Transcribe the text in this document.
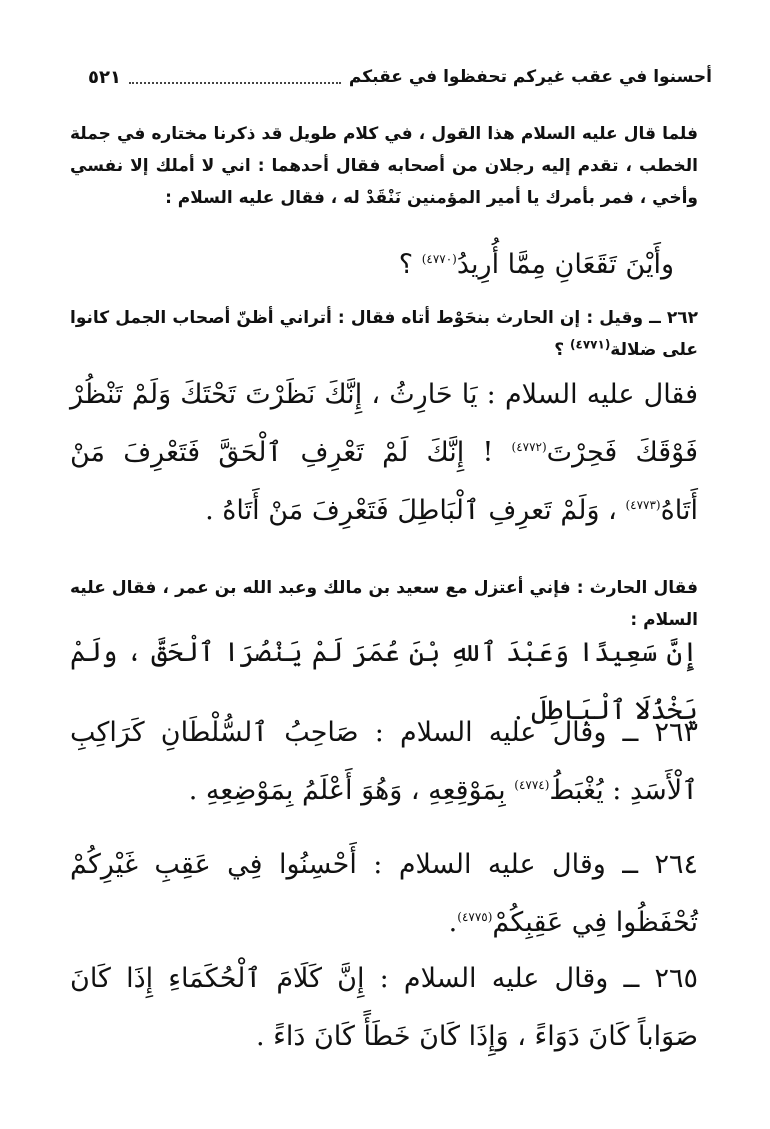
أحسنوا في عقب غيركم تحفظوا في عقبكم
٥٢١
فلما قال عليه السلام هذا القول ، في كلام طويل قد ذكرنا مختاره في جملة الخطب ، تقدم إليه رجلان من أصحابه فقال أحدهما : اني لا أملك إلا نفسي وأخي ، فمر بأمرك يا أمير المؤمنين نَنْقَدْ له ، فقال عليه السلام :
وأَيْنَ تَقَعَانِ مِمَّا أُرِيدُ$^{(٤٧٧٠)}$ ؟
٢٦٢ ــ وقيل : إن الحارث بنحَوْط أتاه فقال : أتراني أظنّ أصحاب الجمل كانوا على ضلالة$^{(٤٧٧١)}$ ؟
فقال عليه السلام : يَا حَارِثُ ، إِنَّكَ نَظَرْتَ تَحْتَكَ وَلَمْ تَنْظُرْ فَوْقَكَ فَحِرْتَ$^{(٤٧٧٢)}$ ! إِنَّكَ لَمْ تَعْرِفِ ٱلْحَقَّ فَتَعْرِفَ مَنْ أَتَاهُ$^{(٤٧٧٣)}$ ، وَلَمْ تَعرِفِ ٱلْبَاطِلَ فَتَعْرِفَ مَنْ أَتَاهُ .
فقال الحارث : فإني أعتزل مع سعيد بن مالك وعبد الله بن عمر ، فقال عليه السلام :
إِنَّ سَعِيدًا وَعَبْدَ ٱللهِ بْنَ عُمَرَ لَمْ يَنْصُرَا ٱلْحَقَّ ، ولَمْ يَخْذُلَا ٱلْبَاطِلَ .
٢٦٣ ــ وقال عليه السلام : صَاحِبُ ٱلسُّلْطَانِ كَرَاكِبِ ٱلْأَسَدِ : يُغْبَطُ$^{(٤٧٧٤)}$ بِمَوْقِعِهِ ، وَهُوَ أَعْلَمُ بِمَوْضِعِهِ .
٢٦٤ ــ وقال عليه السلام : أَحْسِنُوا فِي عَقِبِ غَيْرِكُمْ تُحْفَظُوا فِي عَقِبِكُمْ$^{(٤٧٧٥)}$.
٢٦٥ ــ وقال عليه السلام : إِنَّ كَلَامَ ٱلْحُكَمَاءِ إِذَا كَانَ صَوَاباً كَانَ دَوَاءً ، وَإِذَا كَانَ خَطَأً كَانَ دَاءً .
